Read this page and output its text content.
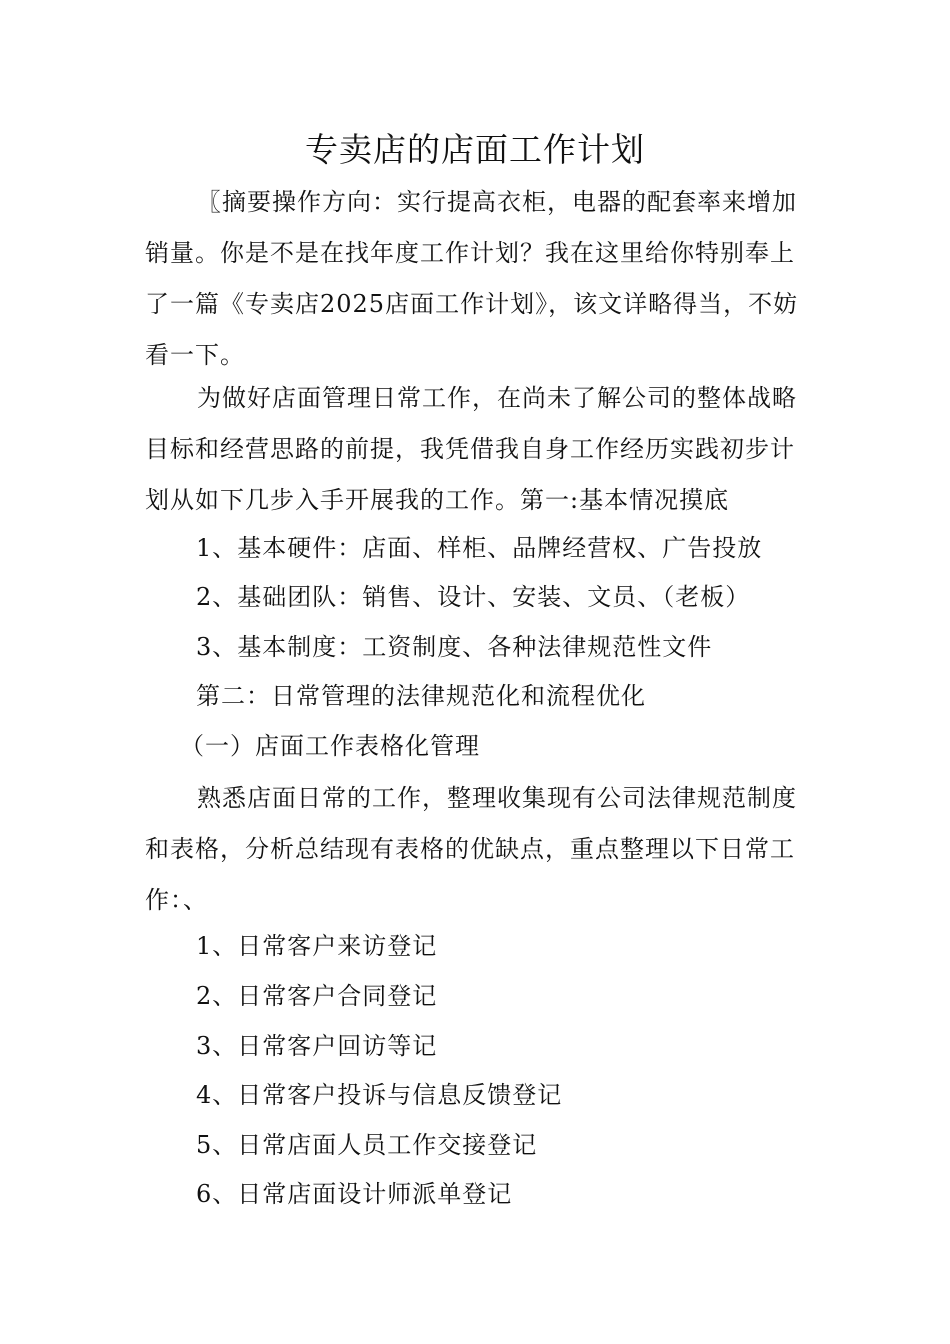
专卖店的店面工作计划

〖摘要操作方向：实行提高衣柜，电器的配套率来增加销量。你是不是在找年度工作计划？我在这里给你特别奉上了一篇《专卖店2025店面工作计划》，该文详略得当，不妨看一下。

为做好店面管理日常工作，在尚未了解公司的整体战略目标和经营思路的前提，我凭借我自身工作经历实践初步计划从如下几步入手开展我的工作。第一:基本情况摸底

1、基本硬件：店面、样柜、品牌经营权、广告投放
2、基础团队：销售、设计、安装、文员、（老板）
3、基本制度：工资制度、各种法律规范性文件
第二：日常管理的法律规范化和流程优化
（一）店面工作表格化管理

熟悉店面日常的工作，整理收集现有公司法律规范制度和表格，分析总结现有表格的优缺点，重点整理以下日常工作：、

1、日常客户来访登记
2、日常客户合同登记
3、日常客户回访等记
4、日常客户投诉与信息反馈登记
5、日常店面人员工作交接登记
6、日常店面设计师派单登记
